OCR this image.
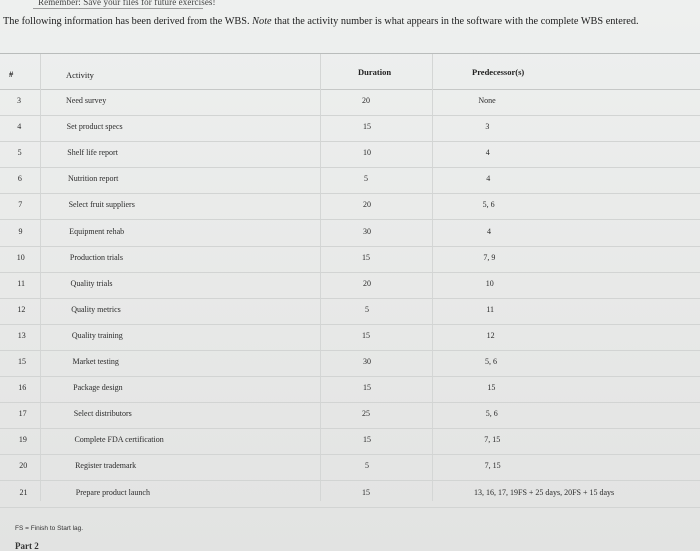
Remember: Save your files for future exercises!
The following information has been derived from the WBS. Note that the activity number is what appears in the software with the complete WBS entered.
#	Activity	Duration	Predecessor(s)
3	Need survey	20	None
4	Set product specs	15	3
5	Shelf life report	10	4
6	Nutrition report	5	4
7	Select fruit suppliers	20	5, 6
9	Equipment rehab	30	4
10	Production trials	15	7, 9
11	Quality trials	20	10
12	Quality metrics	5	11
13	Quality training	15	12
15	Market testing	30	5, 6
16	Package design	15	15
17	Select distributors	25	5, 6
19	Complete FDA certification	15	7, 15
20	Register trademark	5	7, 15
21	Prepare product launch	15	13, 16, 17, 19FS + 25 days, 20FS + 15 days
FS = Finish to Start lag.
Part 2
